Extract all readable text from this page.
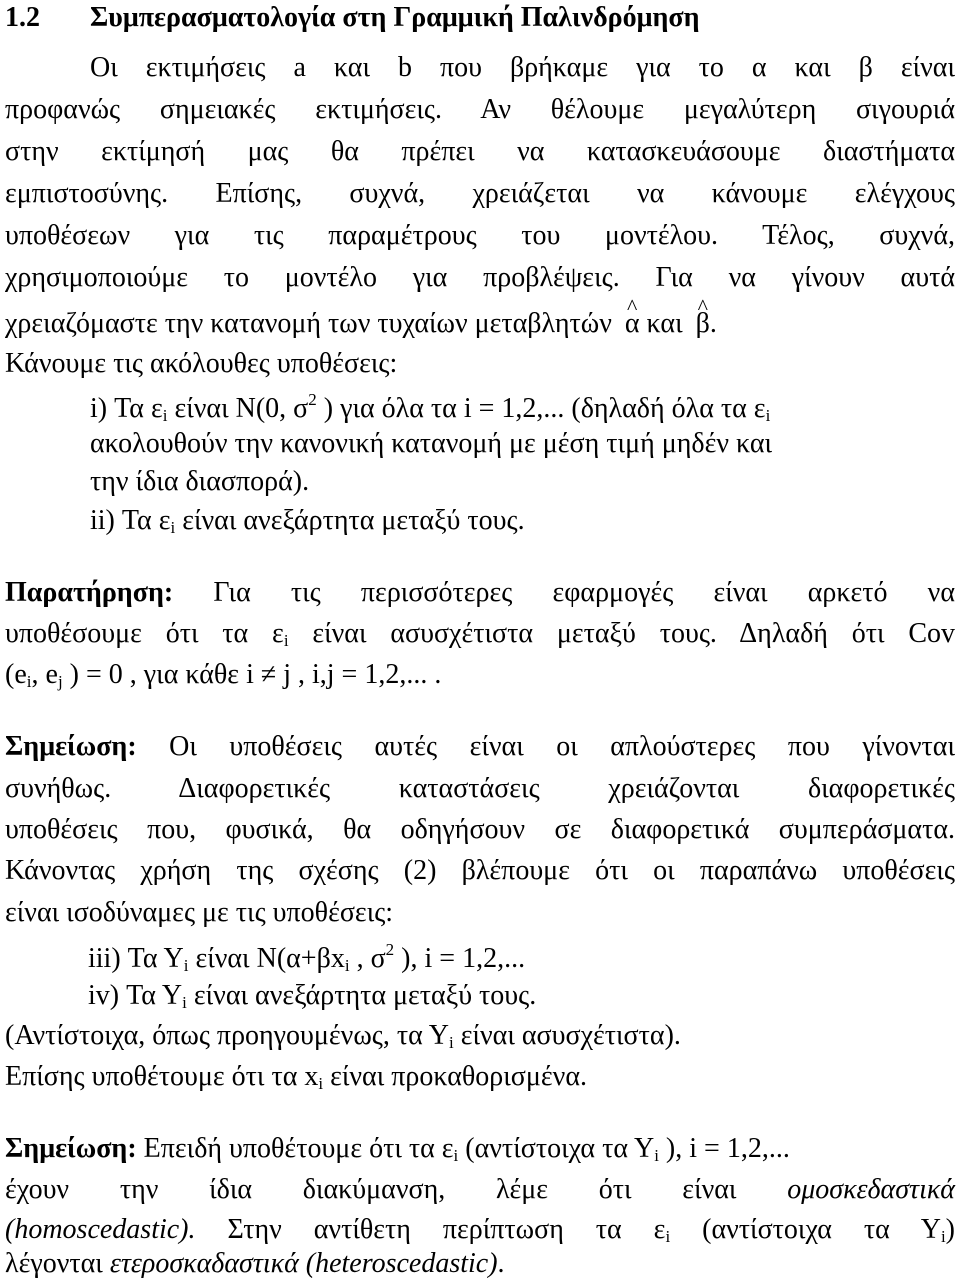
1.2 Συμπερασματολογία στη Γραμμική Παλινδρόμηση
Οι εκτιμήσεις a και b που βρήκαμε για το α και β είναι
προφανώς σημειακές εκτιμήσεις. Αν θέλουμε μεγαλύτερη σιγουριά
στην εκτίμησή μας θα πρέπει να κατασκευάσουμε διαστήματα
εμπιστοσύνης. Επίσης, συχνά, χρειάζεται να κάνουμε ελέγχους
υποθέσεων για τις παραμέτρους του μοντέλου. Τέλος, συχνά,
χρησιμοποιούμε το μοντέλο για προβλέψεις. Για να γίνουν αυτά
χρειαζόμαστε την κατανομή των τυχαίων μεταβλητών ^ α και ^ β.
Κάνουμε τις ακόλουθες υποθέσεις:
i) Τα $\varepsilon_i$ είναι Ν(0, $\sigma^2$ ) για όλα τα i = 1,2,... (δηλαδή όλα τα $\varepsilon_i$
ακολουθούν την κανονική κατανομή με μέση τιμή μηδέν και
την ίδια διασπορά).
ii) Τα $\varepsilon_i$ είναι ανεξάρτητα μεταξύ τους.
Παρατήρηση: Για τις περισσότερες εφαρμογές είναι αρκετό να
υποθέσουμε ότι τα $\varepsilon_i$ είναι ασυσχέτιστα μεταξύ τους. Δηλαδή ότι Cov
($e_i$, $e_j$ ) = 0 , για κάθε i ≠ j , i,j = 1,2,... .
Σημείωση: Οι υποθέσεις αυτές είναι οι απλούστερες που γίνονται
συνήθως. Διαφορετικές καταστάσεις χρειάζονται διαφορετικές
υποθέσεις που, φυσικά, θα οδηγήσουν σε διαφορετικά συμπεράσματα.
Κάνοντας χρήση της σχέσης (2) βλέπουμε ότι οι παραπάνω υποθέσεις
είναι ισοδύναμες με τις υποθέσεις:
iii) Τα $\Upsilon_i$ είναι $N(\alpha+\beta x_i$ , $\sigma^2$ ), i = 1,2,...
iv) Τα $\Upsilon_i$ είναι ανεξάρτητα μεταξύ τους.
(Αντίστοιχα, όπως προηγουμένως, τα $\Upsilon_i$ είναι ασυσχέτιστα).
Επίσης υποθέτουμε ότι τα $x_i$ είναι προκαθορισμένα.
Σημείωση: Επειδή υποθέτουμε ότι τα $\varepsilon_i$ (αντίστοιχα τα $\Upsilon_i$ ), i = 1,2,...
έχουν την ίδια διακύμανση, λέμε ότι είναι ομοσκεδαστικά
(homoscedastic). Στην αντίθετη περίπτωση τα $\varepsilon_i$ (αντίστοιχα τα $\Upsilon_i$)
λέγονται ετεροσκαδαστικά (heteroscedastic).
